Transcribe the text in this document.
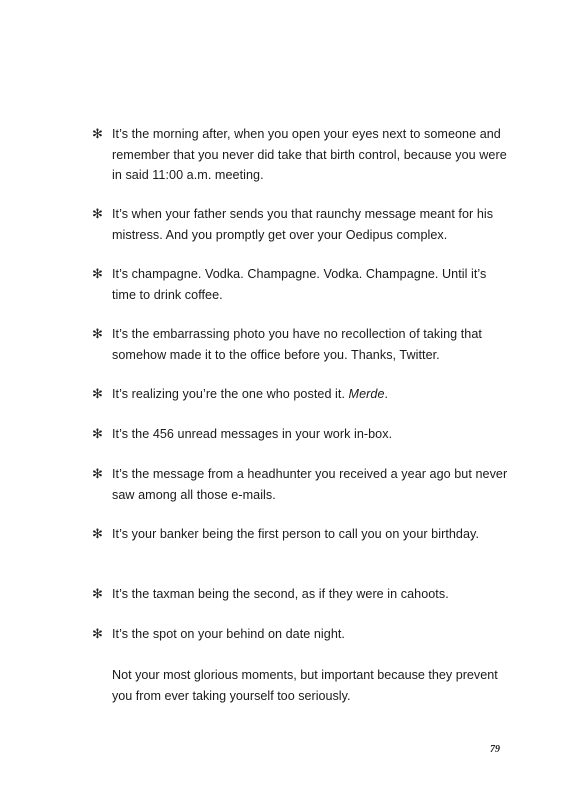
✻ It’s the morning after, when you open your eyes next to someone and remember that you never did take that birth control, because you were in said 11:00 a.m. meeting.
✻ It’s when your father sends you that raunchy message meant for his mistress. And you promptly get over your Oedipus complex.
✻ It’s champagne. Vodka. Champagne. Vodka. Champagne. Until it’s time to drink coffee.
✻ It’s the embarrassing photo you have no recollection of taking that somehow made it to the office before you. Thanks, Twitter.
✻ It’s realizing you’re the one who posted it. Merde.
✻ It’s the 456 unread messages in your work in-box.
✻ It’s the message from a headhunter you received a year ago but never saw among all those e-mails.
✻ It’s your banker being the first person to call you on your birthday.
✻ It’s the taxman being the second, as if they were in cahoots.
✻ It’s the spot on your behind on date night.

Not your most glorious moments, but important because they prevent you from ever taking yourself too seriously.

79
